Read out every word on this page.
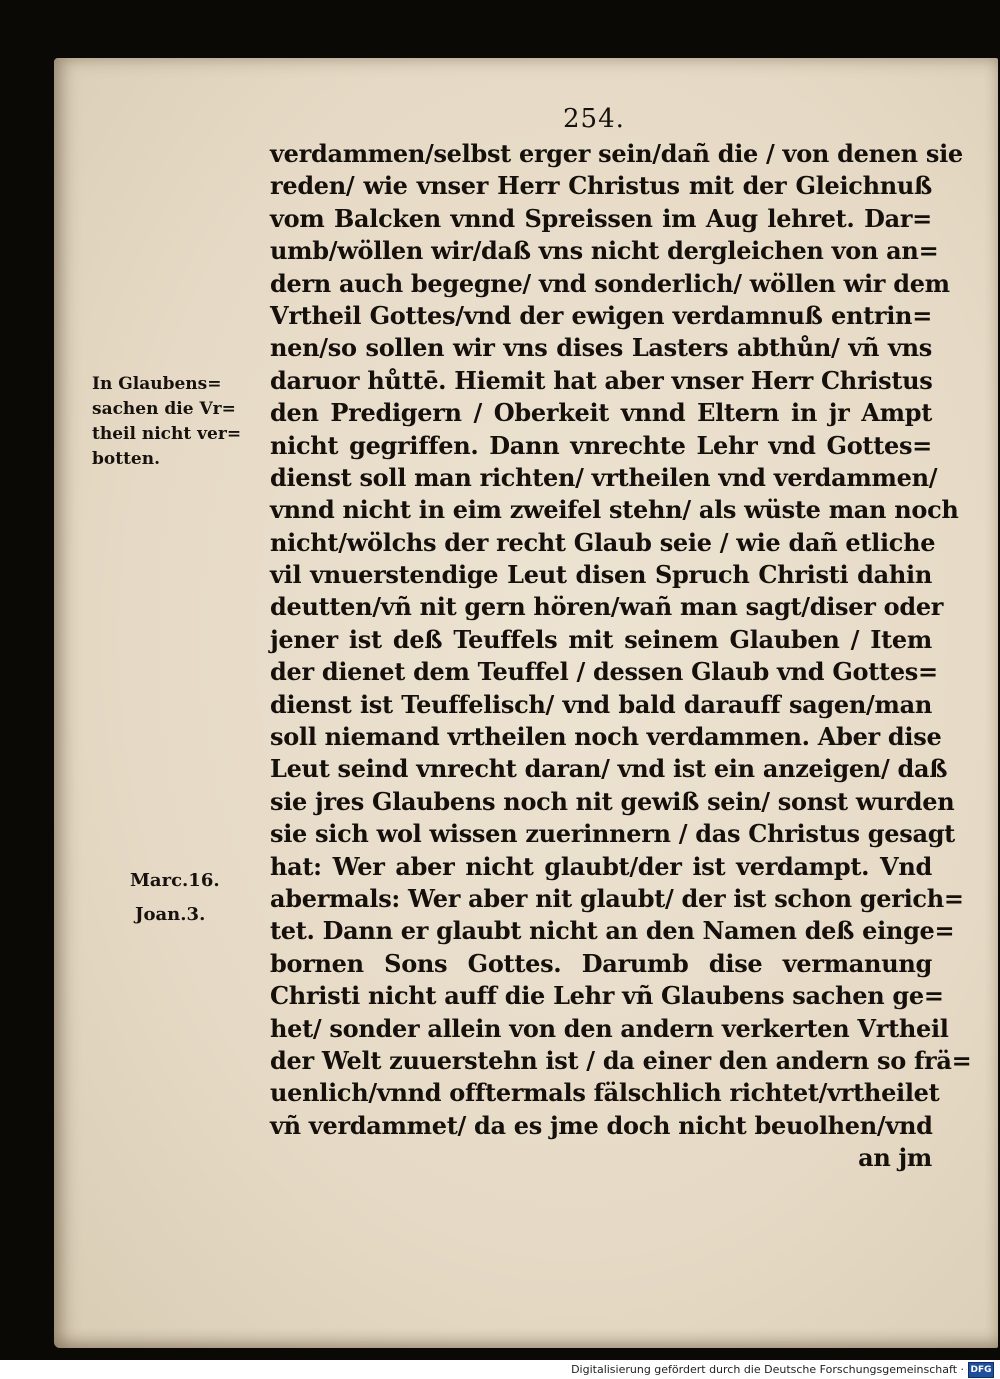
254.
verdammen/selbst erger sein/dañ die / von denen sie
reden/ wie vnser Herr Christus mit der Gleichnuß
vom Balcken vnnd Spreissen im Aug lehret. Dar=
umb/wöllen wir/daß vns nicht dergleichen von an=
dern auch begegne/ vnd sonderlich/ wöllen wir dem
Vrtheil Gottes/vnd der ewigen verdamnuß entrin=
nen/so sollen wir vns dises Lasters abthůn/ vñ vns
daruor hůttē. Hiemit hat aber vnser Herr Christus
den Predigern / Oberkeit vnnd Eltern in jr Ampt
nicht gegriffen. Dann vnrechte Lehr vnd Gottes=
dienst soll man richten/ vrtheilen vnd verdammen/
vnnd nicht in eim zweifel stehn/ als wüste man noch
nicht/wölchs der recht Glaub seie / wie dañ etliche
vil vnuerstendige Leut disen Spruch Christi dahin
deutten/vñ nit gern hören/wañ man sagt/diser oder
jener ist deß Teuffels mit seinem Glauben / Item
der dienet dem Teuffel / dessen Glaub vnd Gottes=
dienst ist Teuffelisch/ vnd bald darauff sagen/man
soll niemand vrtheilen noch verdammen. Aber dise
Leut seind vnrecht daran/ vnd ist ein anzeigen/ daß
sie jres Glaubens noch nit gewiß sein/ sonst wurden
sie sich wol wissen zuerinnern / das Christus gesagt
hat: Wer aber nicht glaubt/der ist verdampt. Vnd
abermals: Wer aber nit glaubt/ der ist schon gerich=
tet. Dann er glaubt nicht an den Namen deß einge=
bornen Sons Gottes. Darumb dise vermanung
Christi nicht auff die Lehr vñ Glaubens sachen ge=
het/ sonder allein von den andern verkerten Vrtheil
der Welt zuuerstehn ist / da einer den andern so frä=
uenlich/vnnd offtermals fälschlich richtet/vrtheilet
vñ verdammet/ da es jme doch nicht beuolhen/vnd
an jm
In Glaubens=
sachen die Vr=
theil nicht ver=
botten.
Marc.16.
Joan.3.
Digitalisierung gefördert durch die Deutsche Forschungsgemeinschaft · DFG
